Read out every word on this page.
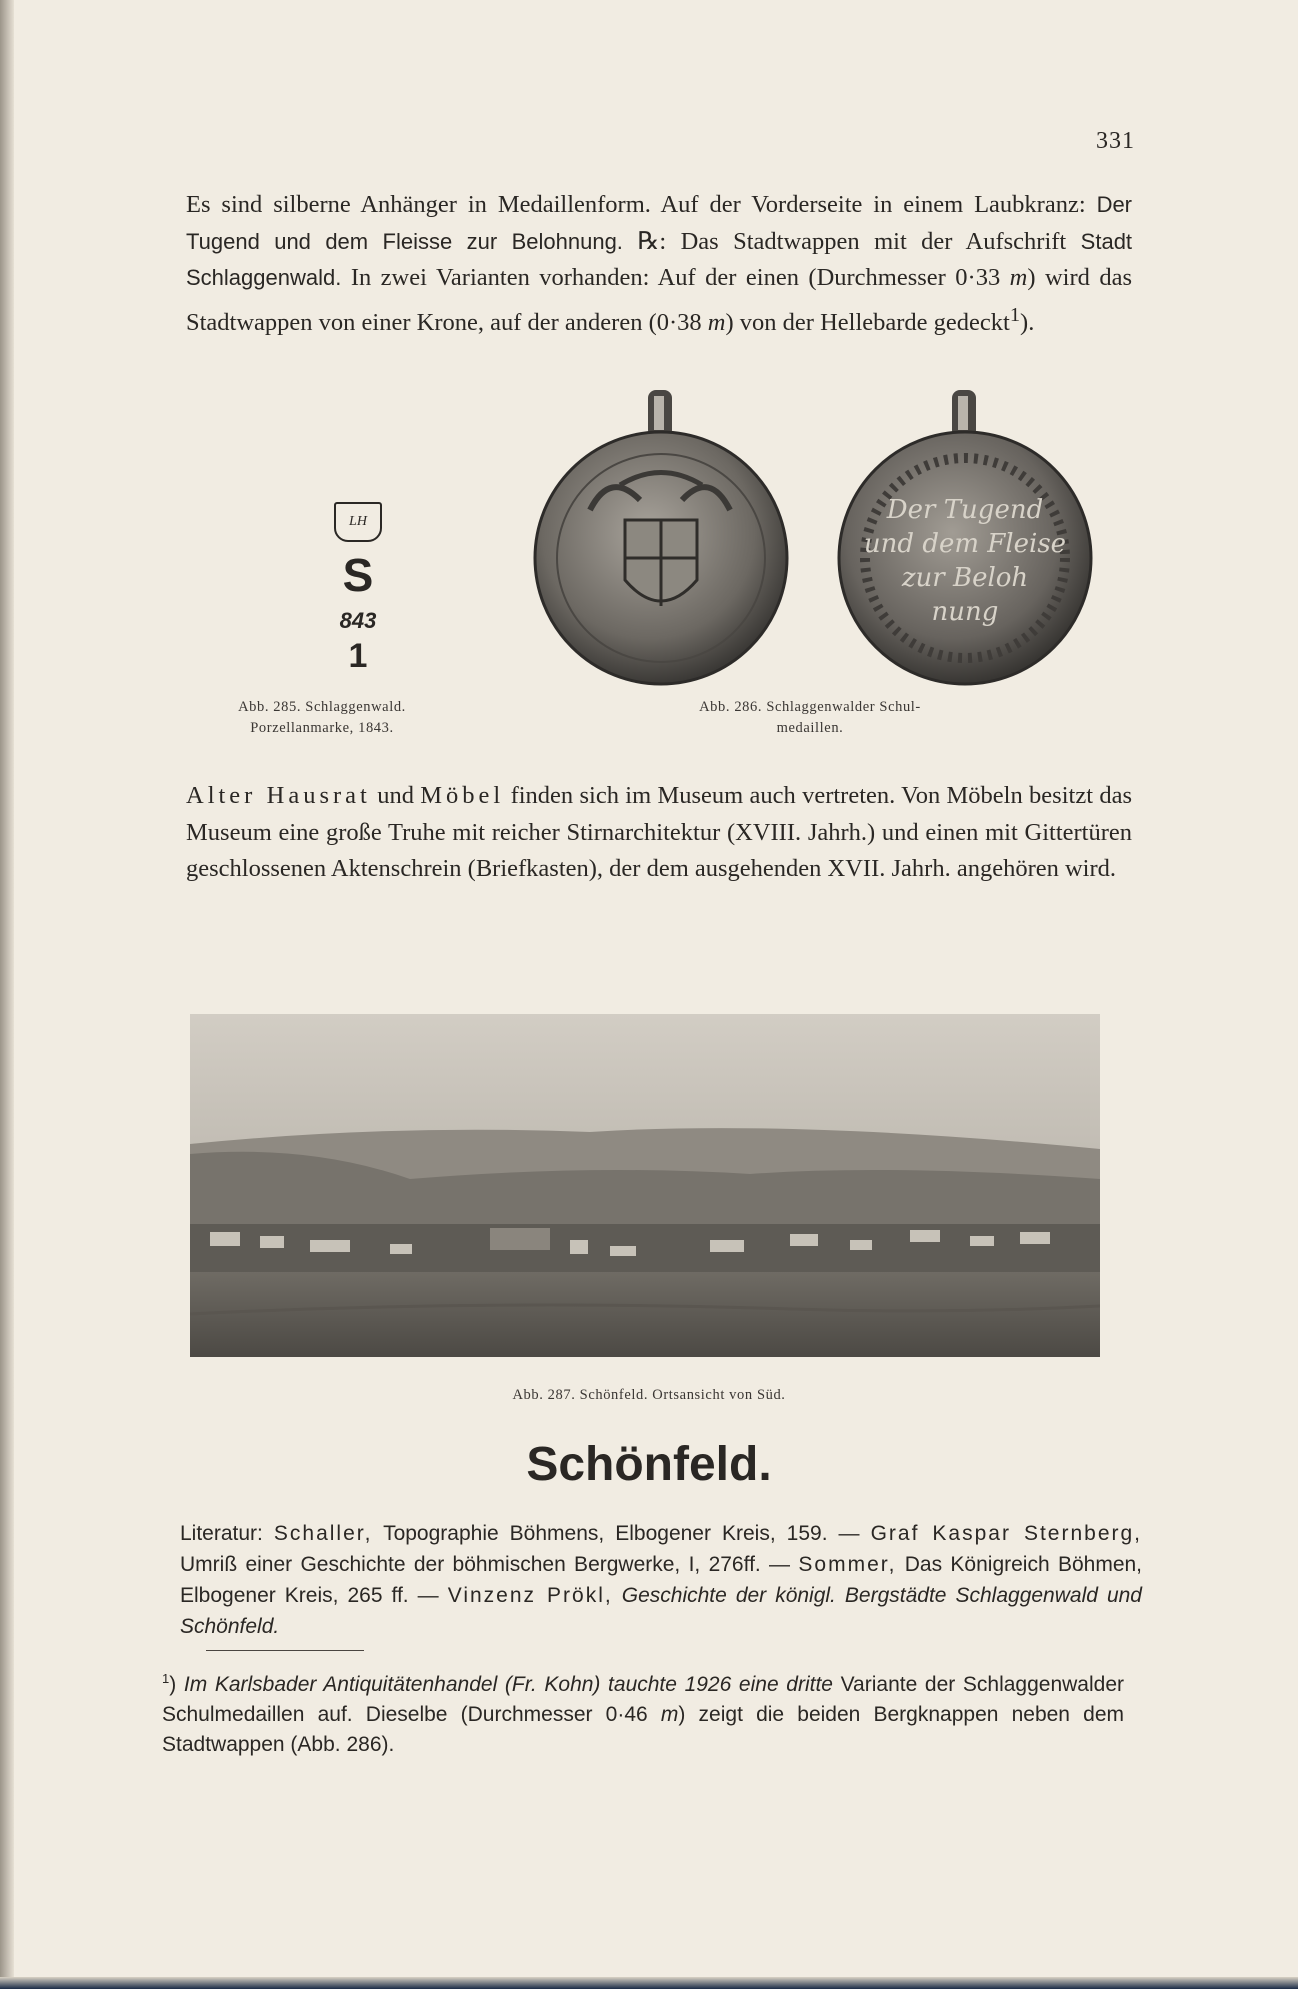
331

Es sind silberne Anhänger in Medaillenform. Auf der Vorderseite in einem Laubkranz: Der Tugend und dem Fleisse zur Belohnung. ℞: Das Stadtwappen mit der Aufschrift Stadt Schlaggenwald. In zwei Varianten vorhanden: Auf der einen (Durchmesser 0·33 m) wird das Stadtwappen von einer Krone, auf der anderen (0·38 m) von der Hellebarde gedeckt$^1$).

LH
S
843
1
Abb. 285. Schlaggenwald.
Porzellanmarke, 1843.
Der Tugend
und dem Fleise
zur Beloh
nung
Abb. 286. Schlaggenwalder Schul-
medaillen.

Alter Hausrat und Möbel finden sich im Museum auch vertreten. Von Möbeln besitzt das Museum eine große Truhe mit reicher Stirnarchitektur (XVIII. Jahrh.) und einen mit Gittertüren geschlossenen Aktenschrein (Briefkasten), der dem ausgehenden XVII. Jahrh. angehören wird.

Abb. 287. Schönfeld. Ortsansicht von Süd.
Schönfeld.

Literatur: Schaller, Topographie Böhmens, Elbogener Kreis, 159. — Graf Kaspar Sternberg, Umriß einer Geschichte der böhmischen Bergwerke, I, 276ff. — Sommer, Das Königreich Böhmen, Elbogener Kreis, 265 ff. — Vinzenz Prökl, Geschichte der königl. Bergstädte Schlaggenwald und Schönfeld.

$^1$) Im Karlsbader Antiquitätenhandel (Fr. Kohn) tauchte 1926 eine dritte Variante der Schlaggenwalder Schulmedaillen auf. Dieselbe (Durchmesser 0·46 m) zeigt die beiden Bergknappen neben dem Stadtwappen (Abb. 286).
